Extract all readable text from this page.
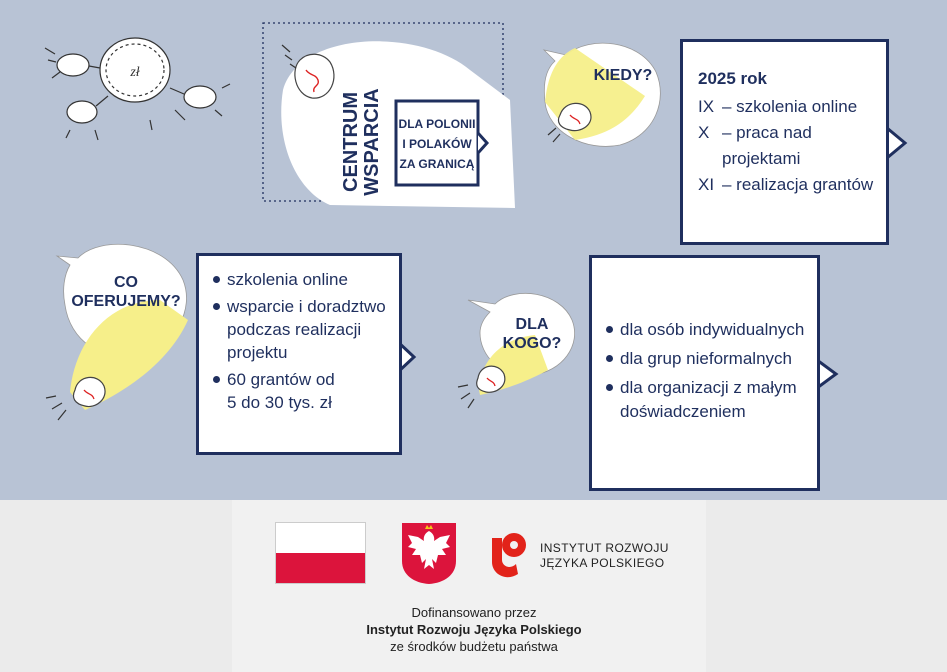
zł
CENTRUM WSPARCIA DLA POLONII
I POLAKÓW
ZA GRANICĄ
KIEDY?	2025 rok
IX – szkolenia online
X – praca nad projektami
XI – realizacja grantów
CO
OFERUJEMY?
szkolenia online
wsparcie i doradztwo podczas realizacji projektu
60 grantów od 5 do 30 tys. zł
DLA
KOGO?
dla osób indywidualnych
dla grup nieformalnych
dla organizacji z małym doświadczeniem
INSTYTUT ROZWOJU
JĘZYKA POLSKIEGO
Dofinansowano przez
Instytut Rozwoju Języka Polskiego
ze środków budżetu państwa
